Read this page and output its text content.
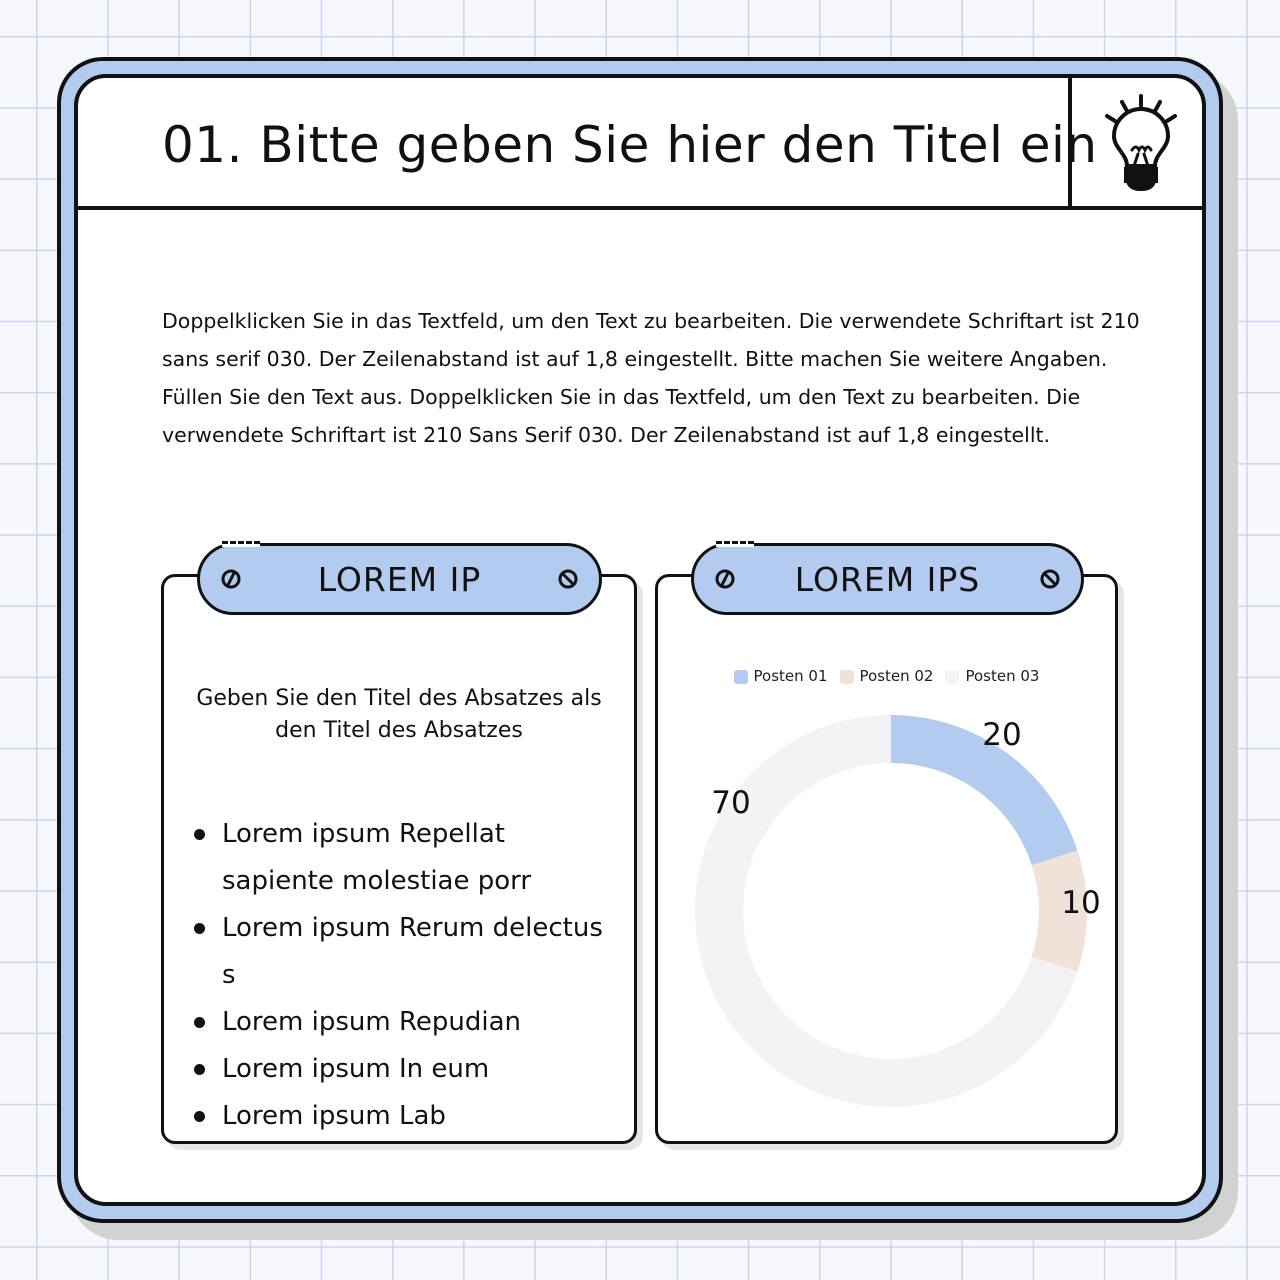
01. Bitte geben Sie hier den Titel ein
Doppelklicken Sie in das Textfeld, um den Text zu bearbeiten. Die verwendete Schriftart ist 210 sans serif 030. Der Zeilenabstand ist auf 1,8 eingestellt. Bitte machen Sie weitere Angaben. Füllen Sie den Text aus. Doppelklicken Sie in das Textfeld, um den Text zu bearbeiten. Die verwendete Schriftart ist 210 Sans Serif 030. Der Zeilenabstand ist auf 1,8 eingestellt.
Geben Sie den Titel des Absatzes als den Titel des Absatzes
Lorem ipsum Repellat sapiente molestiae porr
Lorem ipsum Rerum delectus s
Lorem ipsum Repudian
Lorem ipsum In eum
Lorem ipsum Lab
LOREM IP
Posten 01	Posten 02	Posten 03
20
10
70
LOREM IPS
